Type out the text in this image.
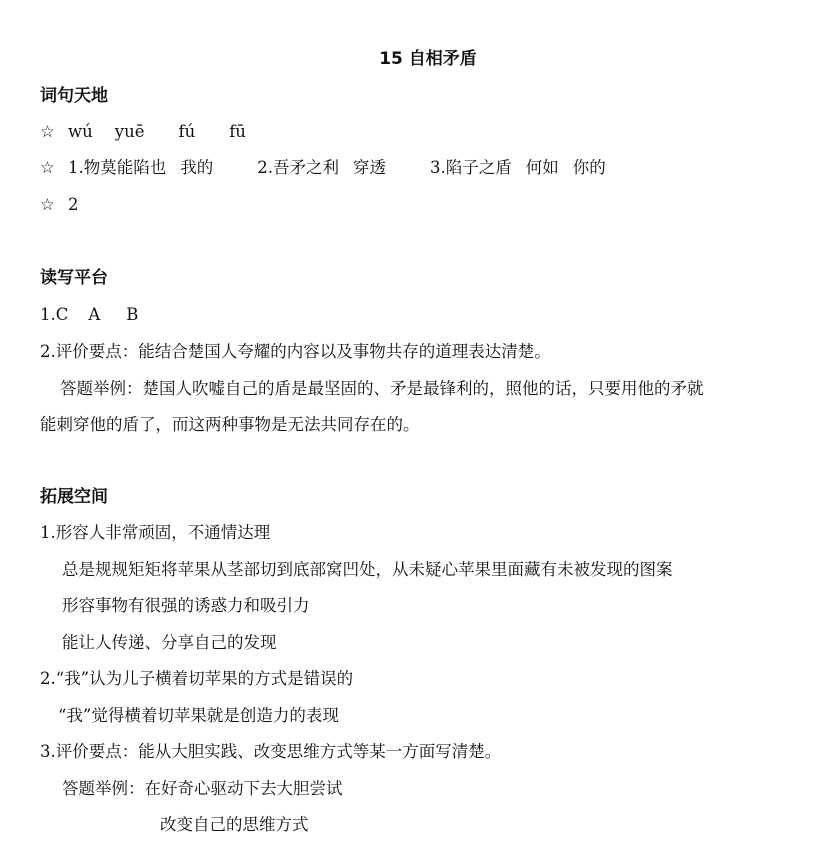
15 自相矛盾
词句天地
☆ wú yuē fú fū
☆ 1.物莫能陷也 我的	2.吾矛之利 穿透	3.陷子之盾 何如 你的
☆ 2
读写平台
1.C A B
2.评价要点：能结合楚国人夸耀的内容以及事物共存的道理表达清楚。
答题举例：楚国人吹嘘自己的盾是最坚固的、矛是最锋利的，照他的话，只要用他的矛就
能刺穿他的盾了，而这两种事物是无法共同存在的。
拓展空间
1.形容人非常顽固，不通情达理
总是规规矩矩将苹果从茎部切到底部窝凹处，从未疑心苹果里面藏有未被发现的图案
形容事物有很强的诱惑力和吸引力
能让人传递、分享自己的发现
2.“我”认为儿子横着切苹果的方式是错误的
“我”觉得横着切苹果就是创造力的表现
3.评价要点：能从大胆实践、改变思维方式等某一方面写清楚。
答题举例：在好奇心驱动下去大胆尝试
改变自己的思维方式
